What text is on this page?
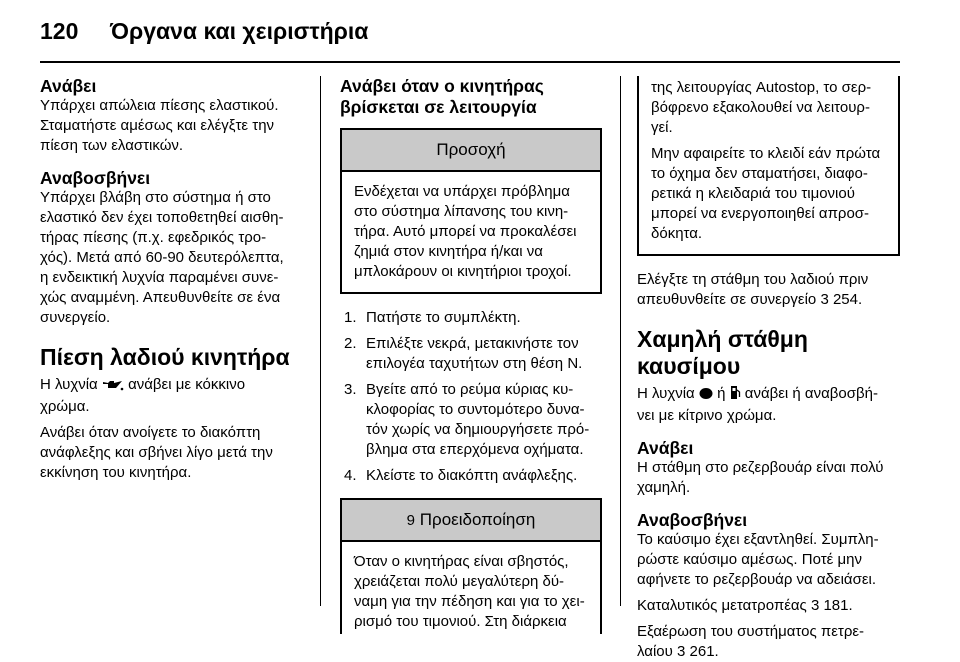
120 Όργανα και χειριστήρια
Ανάβει
Υπάρχει απώλεια πίεσης ελαστικού.
Σταματήστε αμέσως και ελέγξτε την
πίεση των ελαστικών.
Αναβοσβήνει
Υπάρχει βλάβη στο σύστημα ή στο
ελαστικό δεν έχει τοποθετηθεί αισθη-
τήρας πίεσης (π.χ. εφεδρικός τρο-
χός). Μετά από 60-90 δευτερόλεπτα,
η ενδεικτική λυχνία παραμένει συνε-
χώς αναμμένη. Απευθυνθείτε σε ένα
συνεργείο.
Πίεση λαδιού κινητήρα
Η λυχνία ανάβει με κόκκινο
χρώμα.
Ανάβει όταν ανοίγετε το διακόπτη
ανάφλεξης και σβήνει λίγο μετά την
εκκίνηση του κινητήρα.
Ανάβει όταν ο κινητήρας
βρίσκεται σε λειτουργία
Προσοχή
Ενδέχεται να υπάρχει πρόβλημα
στο σύστημα λίπανσης του κινη-
τήρα. Αυτό μπορεί να προκαλέσει
ζημιά στον κινητήρα ή/και να
μπλοκάρουν οι κινητήριοι τροχοί.
1. Πατήστε το συμπλέκτη.
2. Επιλέξτε νεκρά, μετακινήστε τον
επιλογέα ταχυτήτων στη θέση N.
3. Βγείτε από το ρεύμα κύριας κυ-
κλοφορίας το συντομότερο δυνα-
τόν χωρίς να δημιουργήσετε πρό-
βλημα στα επερχόμενα οχήματα.
4. Κλείστε το διακόπτη ανάφλεξης.
9 Προειδοποίηση
Όταν ο κινητήρας είναι σβηστός,
χρειάζεται πολύ μεγαλύτερη δύ-
ναμη για την πέδηση και για το χει-
ρισμό του τιμονιού. Στη διάρκεια
της λειτουργίας Autostop, το σερ-
βόφρενο εξακολουθεί να λειτουρ-
γεί.
Μην αφαιρείτε το κλειδί εάν πρώτα
το όχημα δεν σταματήσει, διαφο-
ρετικά η κλειδαριά του τιμονιού
μπορεί να ενεργοποιηθεί απροσ-
δόκητα.
Ελέγξτε τη στάθμη του λαδιού πριν
απευθυνθείτε σε συνεργείο 3 254.
Χαμηλή στάθμη καυσίμου
Η λυχνία ή ανάβει ή αναβοσβή-
νει με κίτρινο χρώμα.
Ανάβει
Η στάθμη στο ρεζερβουάρ είναι πολύ
χαμηλή.
Αναβοσβήνει
Το καύσιμο έχει εξαντληθεί. Συμπλη-
ρώστε καύσιμο αμέσως. Ποτέ μην
αφήνετε το ρεζερβουάρ να αδειάσει.
Καταλυτικός μετατροπέας 3 181.
Εξαέρωση του συστήματος πετρε-
λαίου 3 261.
